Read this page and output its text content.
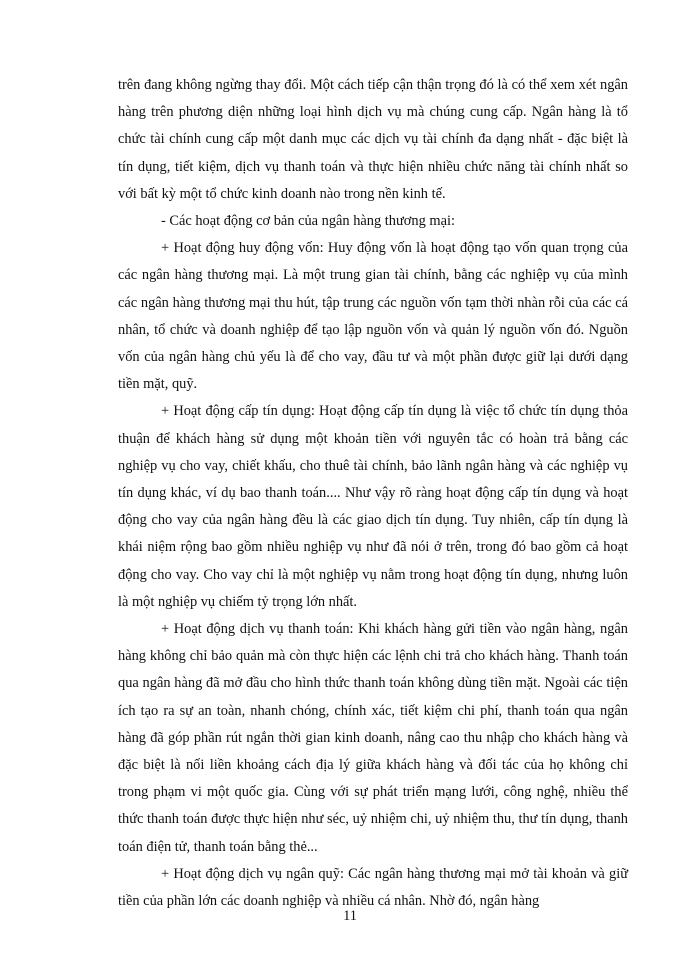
trên đang không ngừng thay đổi. Một cách tiếp cận thận trọng đó là có thể xem xét ngân hàng trên phương diện những loại hình dịch vụ mà chúng cung cấp. Ngân hàng là tổ chức tài chính cung cấp một danh mục các dịch vụ tài chính đa dạng nhất - đặc biệt là tín dụng, tiết kiệm, dịch vụ thanh toán và thực hiện nhiều chức năng tài chính nhất so với bất kỳ một tổ chức kinh doanh nào trong nền kinh tế.

- Các hoạt động cơ bản của ngân hàng thương mại:

+ Hoạt động huy động vốn: Huy động vốn là hoạt động tạo vốn quan trọng của các ngân hàng thương mại. Là một trung gian tài chính, bằng các nghiệp vụ của mình các ngân hàng thương mại thu hút, tập trung các nguồn vốn tạm thời nhàn rỗi của các cá nhân, tổ chức và doanh nghiệp để tạo lập nguồn vốn và quản lý nguồn vốn đó. Nguồn vốn của ngân hàng chủ yếu là để cho vay, đầu tư và một phần được giữ lại dưới dạng tiền mặt, quỹ.

+ Hoạt động cấp tín dụng: Hoạt động cấp tín dụng là việc tổ chức tín dụng thỏa thuận để khách hàng sử dụng một khoản tiền với nguyên tắc có hoàn trả bằng các nghiệp vụ cho vay, chiết khấu, cho thuê tài chính, bảo lãnh ngân hàng và các nghiệp vụ tín dụng khác, ví dụ bao thanh toán.... Như vậy rõ ràng hoạt động cấp tín dụng và hoạt động cho vay của ngân hàng đều là các giao dịch tín dụng. Tuy nhiên, cấp tín dụng là khái niệm rộng bao gồm nhiều nghiệp vụ như đã nói ở trên, trong đó bao gồm cả hoạt động cho vay. Cho vay chỉ là một nghiệp vụ nằm trong hoạt động tín dụng, nhưng luôn là một nghiệp vụ chiếm tỷ trọng lớn nhất.

+ Hoạt động dịch vụ thanh toán: Khi khách hàng gửi tiền vào ngân hàng, ngân hàng không chỉ bảo quản mà còn thực hiện các lệnh chi trả cho khách hàng. Thanh toán qua ngân hàng đã mở đầu cho hình thức thanh toán không dùng tiền mặt. Ngoài các tiện ích tạo ra sự an toàn, nhanh chóng, chính xác, tiết kiệm chi phí, thanh toán qua ngân hàng đã góp phần rút ngắn thời gian kinh doanh, nâng cao thu nhập cho khách hàng và đặc biệt là nối liền khoảng cách địa lý giữa khách hàng và đối tác của họ không chỉ trong phạm vi một quốc gia. Cùng với sự phát triển mạng lưới, công nghệ, nhiều thể thức thanh toán được thực hiện như séc, uỷ nhiệm chi, uỷ nhiệm thu, thư tín dụng, thanh toán điện tử, thanh toán bằng thẻ...

+ Hoạt động dịch vụ ngân quỹ: Các ngân hàng thương mại mở tài khoản và giữ tiền của phần lớn các doanh nghiệp và nhiều cá nhân. Nhờ đó, ngân hàng

11
